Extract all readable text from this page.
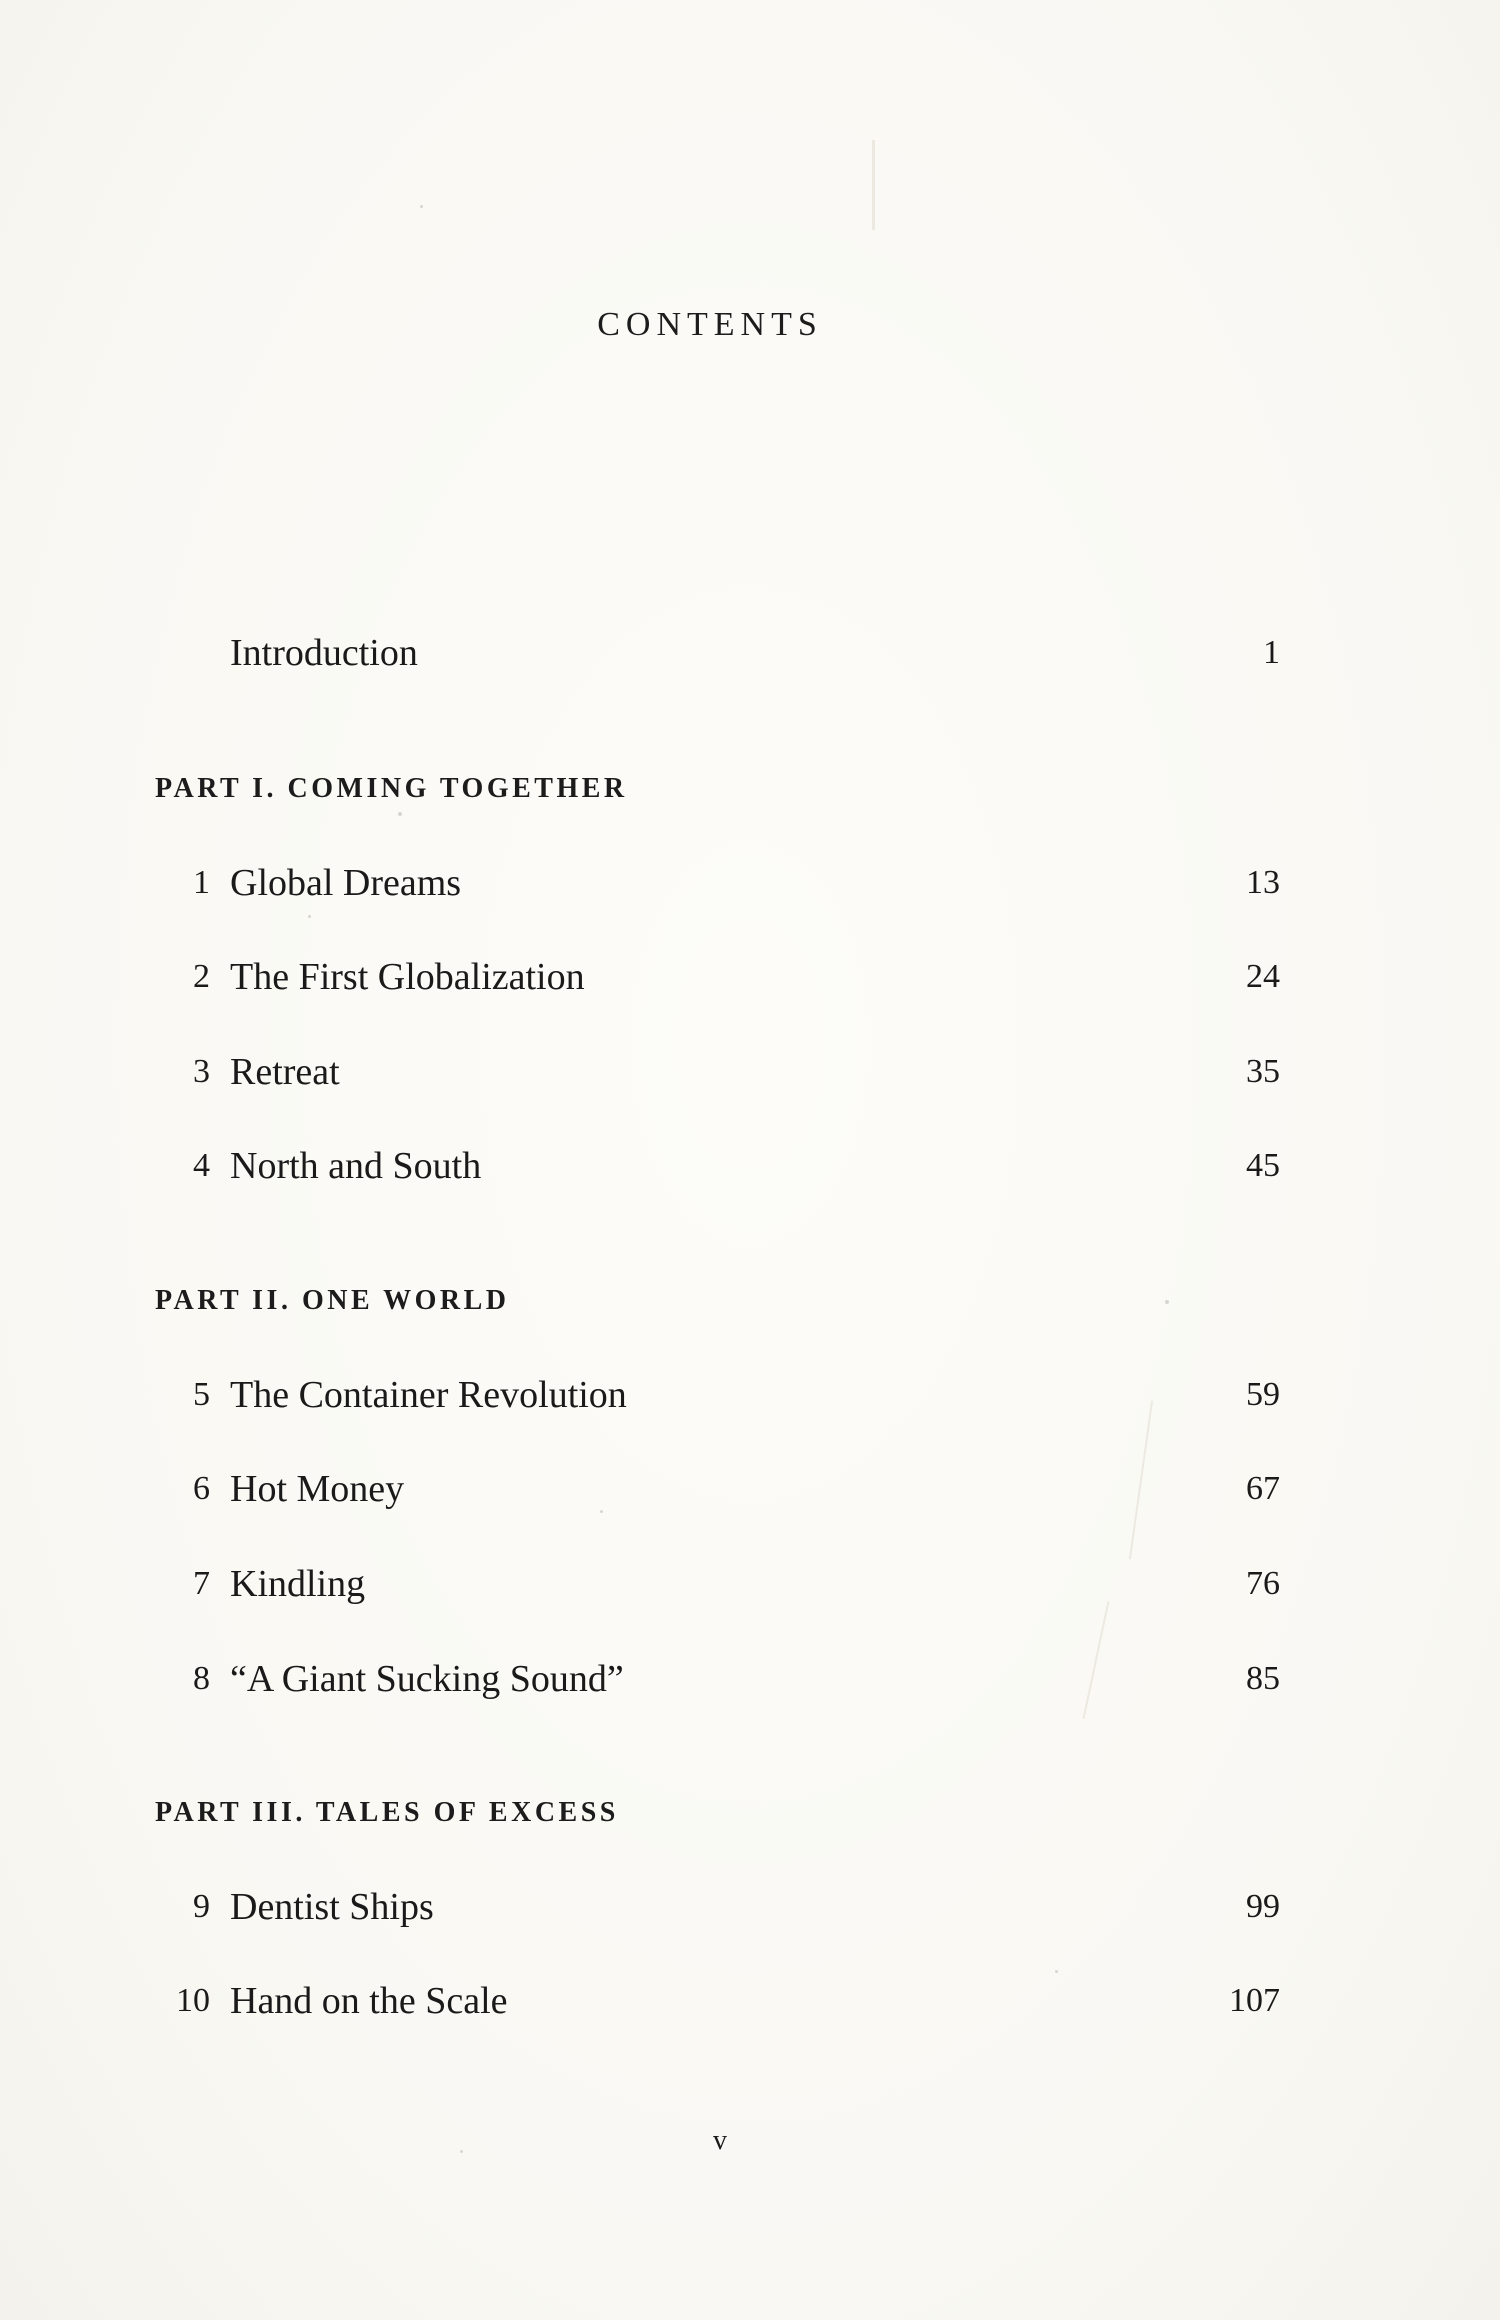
CONTENTS
Introduction	1
PART I. COMING TOGETHER
1 Global Dreams	13
2 The First Globalization	24
3 Retreat	35
4 North and South	45
PART II. ONE WORLD
5 The Container Revolution	59
6 Hot Money	67
7 Kindling	76
8 “A Giant Sucking Sound”	85
PART III. TALES OF EXCESS
9 Dentist Ships	99
10 Hand on the Scale	107
v
